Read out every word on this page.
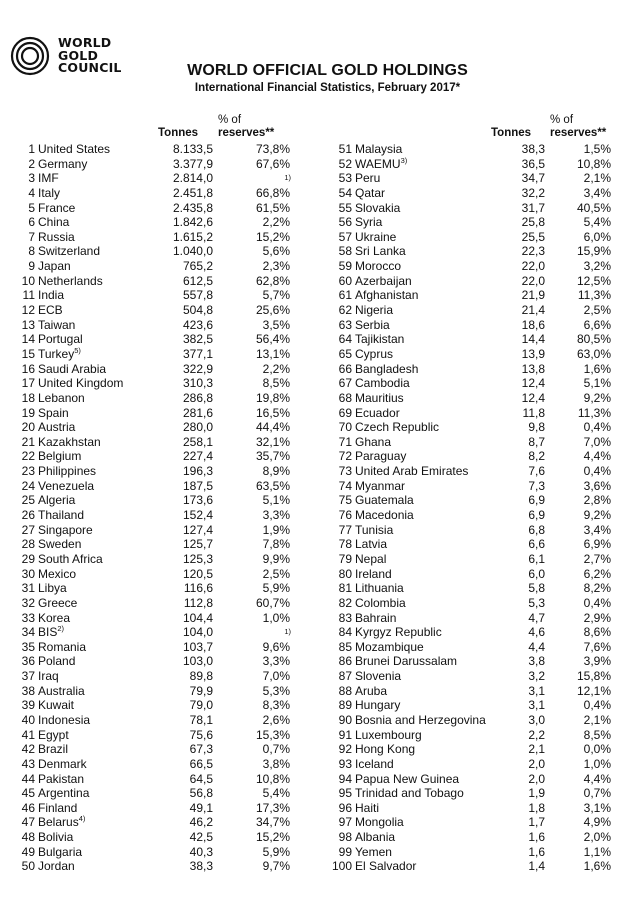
WORLD
GOLD
COUNCIL	WORLD OFFICIAL GOLD HOLDINGS
International Financial Statistics, February 2017*
Tonnes
% of
reserves**	Tonnes
% of
reserves**
1 United States	8.133,5	73,8%
2 Germany	3.377,9	67,6%
3 IMF	2.814,0	1)
4 Italy	2.451,8	66,8%
5 France	2.435,8	61,5%
6 China	1.842,6	2,2%
7 Russia	1.615,2	15,2%
8 Switzerland	1.040,0	5,6%
9 Japan	765,2	2,3%
10 Netherlands	612,5	62,8%
11 India	557,8	5,7%
12 ECB	504,8	25,6%
13 Taiwan	423,6	3,5%
14 Portugal	382,5	56,4%
15 Turkey$^{5)}$	377,1	13,1%
16 Saudi Arabia	322,9	2,2%
17 United Kingdom	310,3	8,5%
18 Lebanon	286,8	19,8%
19 Spain	281,6	16,5%
20 Austria	280,0	44,4%
21 Kazakhstan	258,1	32,1%
22 Belgium	227,4	35,7%
23 Philippines	196,3	8,9%
24 Venezuela	187,5	63,5%
25 Algeria	173,6	5,1%
26 Thailand	152,4	3,3%
27 Singapore	127,4	1,9%
28 Sweden	125,7	7,8%
29 South Africa	125,3	9,9%
30 Mexico	120,5	2,5%
31 Libya	116,6	5,9%
32 Greece	112,8	60,7%
33 Korea	104,4	1,0%
34 BIS$^{2)}$	104,0	1)
35 Romania	103,7	9,6%
36 Poland	103,0	3,3%
37 Iraq	89,8	7,0%
38 Australia	79,9	5,3%
39 Kuwait	79,0	8,3%
40 Indonesia	78,1	2,6%
41 Egypt	75,6	15,3%
42 Brazil	67,3	0,7%
43 Denmark	66,5	3,8%
44 Pakistan	64,5	10,8%
45 Argentina	56,8	5,4%
46 Finland	49,1	17,3%
47 Belarus$^{4)}$	46,2	34,7%
48 Bolivia	42,5	15,2%
49 Bulgaria	40,3	5,9%
50 Jordan	38,3	9,7%
51 Malaysia	38,3	1,5%
52 WAEMU$^{3)}$	36,5	10,8%
53 Peru	34,7	2,1%
54 Qatar	32,2	3,4%
55 Slovakia	31,7	40,5%
56 Syria	25,8	5,4%
57 Ukraine	25,5	6,0%
58 Sri Lanka	22,3	15,9%
59 Morocco	22,0	3,2%
60 Azerbaijan	22,0	12,5%
61 Afghanistan	21,9	11,3%
62 Nigeria	21,4	2,5%
63 Serbia	18,6	6,6%
64 Tajikistan	14,4	80,5%
65 Cyprus	13,9	63,0%
66 Bangladesh	13,8	1,6%
67 Cambodia	12,4	5,1%
68 Mauritius	12,4	9,2%
69 Ecuador	11,8	11,3%
70 Czech Republic	9,8	0,4%
71 Ghana	8,7	7,0%
72 Paraguay	8,2	4,4%
73 United Arab Emirates	7,6	0,4%
74 Myanmar	7,3	3,6%
75 Guatemala	6,9	2,8%
76 Macedonia	6,9	9,2%
77 Tunisia	6,8	3,4%
78 Latvia	6,6	6,9%
79 Nepal	6,1	2,7%
80 Ireland	6,0	6,2%
81 Lithuania	5,8	8,2%
82 Colombia	5,3	0,4%
83 Bahrain	4,7	2,9%
84 Kyrgyz Republic	4,6	8,6%
85 Mozambique	4,4	7,6%
86 Brunei Darussalam	3,8	3,9%
87 Slovenia	3,2	15,8%
88 Aruba	3,1	12,1%
89 Hungary	3,1	0,4%
90 Bosnia and Herzegovina	3,0	2,1%
91 Luxembourg	2,2	8,5%
92 Hong Kong	2,1	0,0%
93 Iceland	2,0	1,0%
94 Papua New Guinea	2,0	4,4%
95 Trinidad and Tobago	1,9	0,7%
96 Haiti	1,8	3,1%
97 Mongolia	1,7	4,9%
98 Albania	1,6	2,0%
99 Yemen	1,6	1,1%
100 El Salvador	1,4	1,6%
